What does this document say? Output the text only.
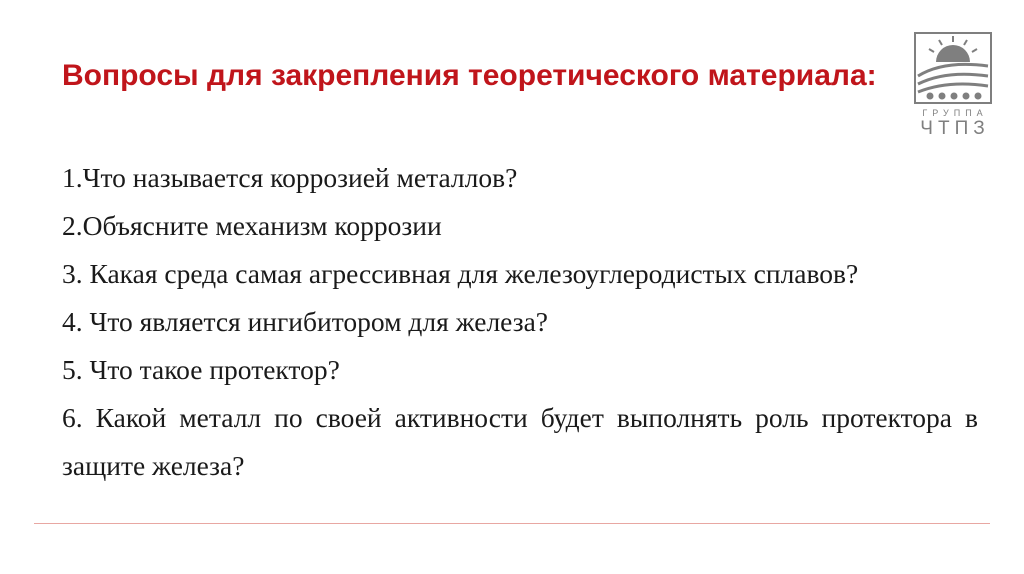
Вопросы для закрепления теоретического материала:
1.Что называется коррозией металлов?
2.Объясните механизм коррозии
3. Какая среда самая агрессивная для железоуглеродистых сплавов?
4. Что является ингибитором для железа?
5. Что такое протектор?
6. Какой металл по своей активности будет выполнять роль протектора в защите железа?
ГРУППА
ЧТПЗ
